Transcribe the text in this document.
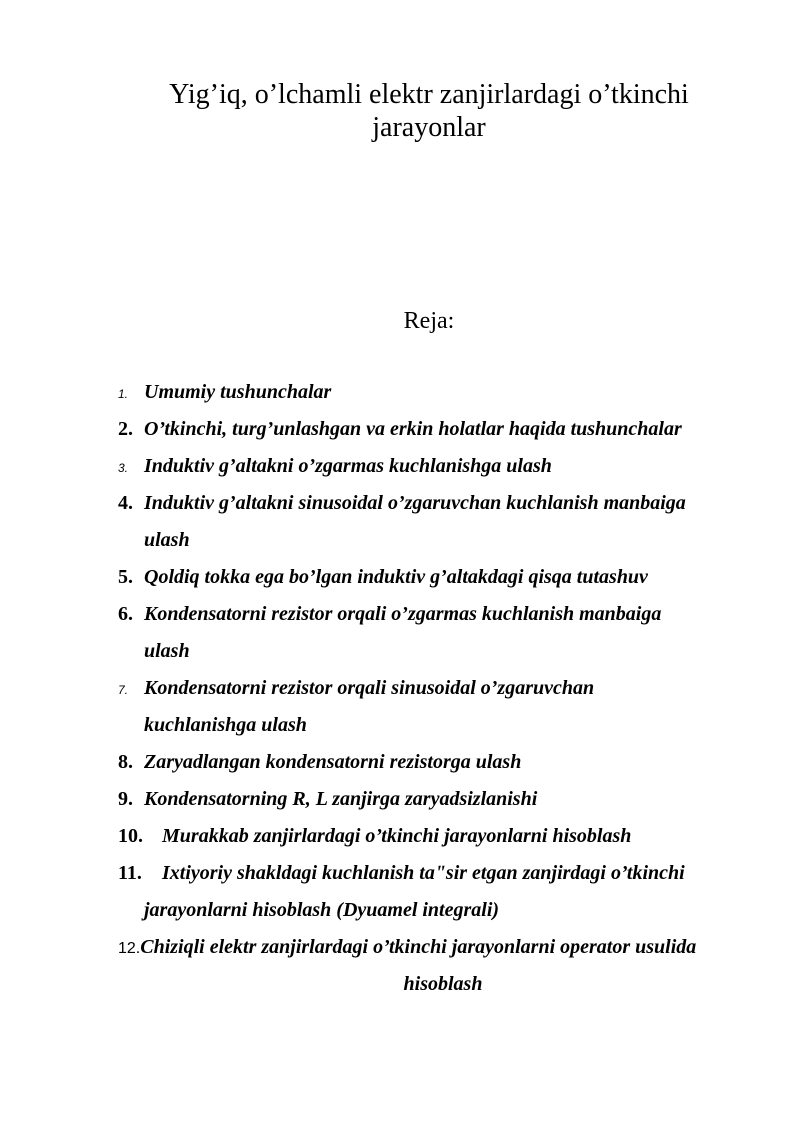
Yig’iq, o’lchamli elektr zanjirlardagi o’tkinchi jarayonlar
Reja:
1. Umumiy tushunchalar
2. O’tkinchi, turg’unlashgan va erkin holatlar haqida tushunchalar
3. Induktiv g’altakni o’zgarmas kuchlanishga ulash
4. Induktiv g’altakni sinusoidal o’zgaruvchan kuchlanish manbaiga
ulash
5. Qoldiq tokka ega bo’lgan induktiv g’altakdagi qisqa tutashuv
6. Kondensatorni rezistor orqali o’zgarmas kuchlanish manbaiga
ulash
7. Kondensatorni rezistor orqali sinusoidal o’zgaruvchan
kuchlanishga ulash
8. Zaryadlangan kondensatorni rezistorga ulash
9. Kondensatorning R, L zanjirga zaryadsizlanishi
10. Murakkab zanjirlardagi o’tkinchi jarayonlarni hisoblash
11. Ixtiyoriy shakldagi kuchlanish taʺsir etgan zanjirdagi o’tkinchi
jarayonlarni hisoblash (Dyuamel integrali)
12.Chiziqli elektr zanjirlardagi o’tkinchi jarayonlarni operator usulida
hisoblash
